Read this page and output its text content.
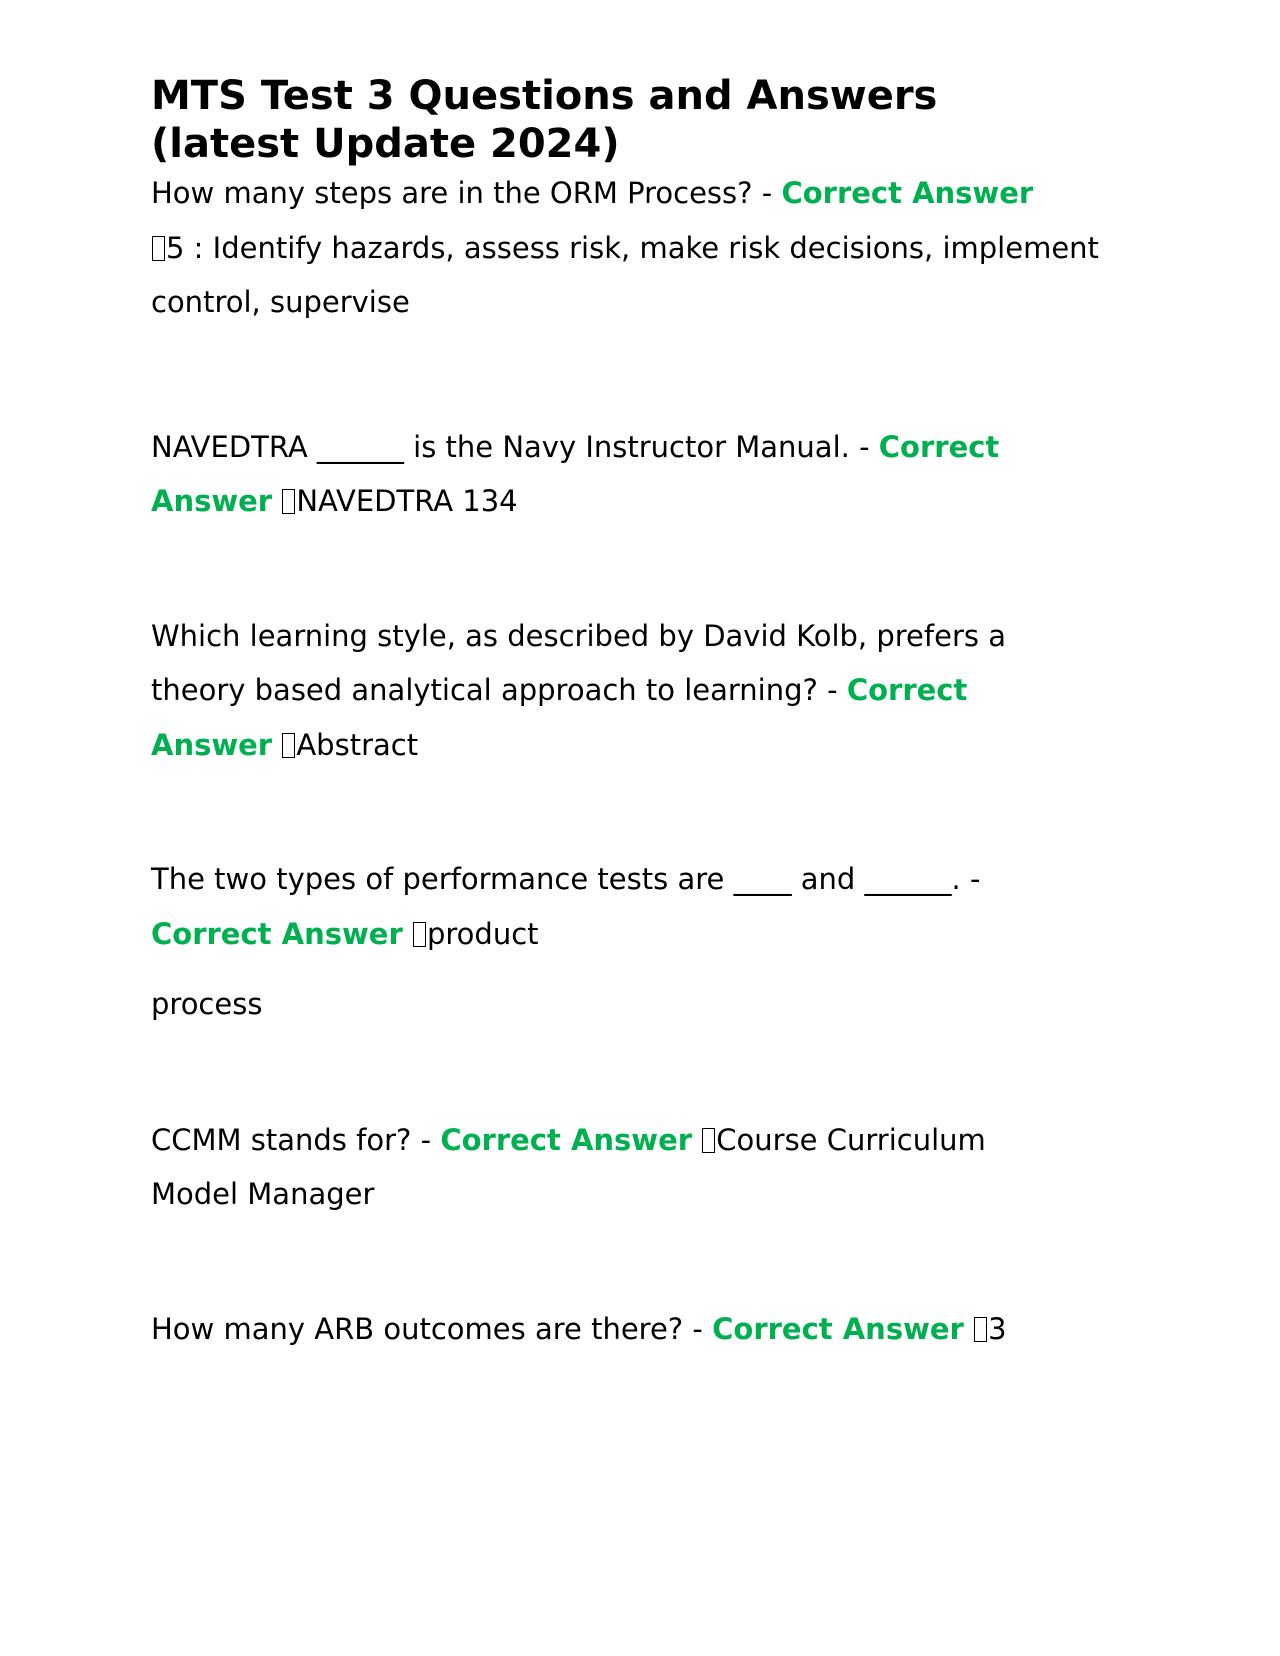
MTS Test 3 Questions and Answers
(latest Update 2024)

How many steps are in the ORM Process? - Correct Answer
5 : Identify hazards, assess risk, make risk decisions, implement control, supervise

NAVEDTRA ______ is the Navy Instructor Manual. - Correct Answer NAVEDTRA 134

Which learning style, as described by David Kolb, prefers a theory based analytical approach to learning? - Correct Answer Abstract

The two types of performance tests are ____ and ______. - Correct Answer product

process

CCMM stands for? - Correct Answer Course Curriculum Model Manager

How many ARB outcomes are there? - Correct Answer 3
